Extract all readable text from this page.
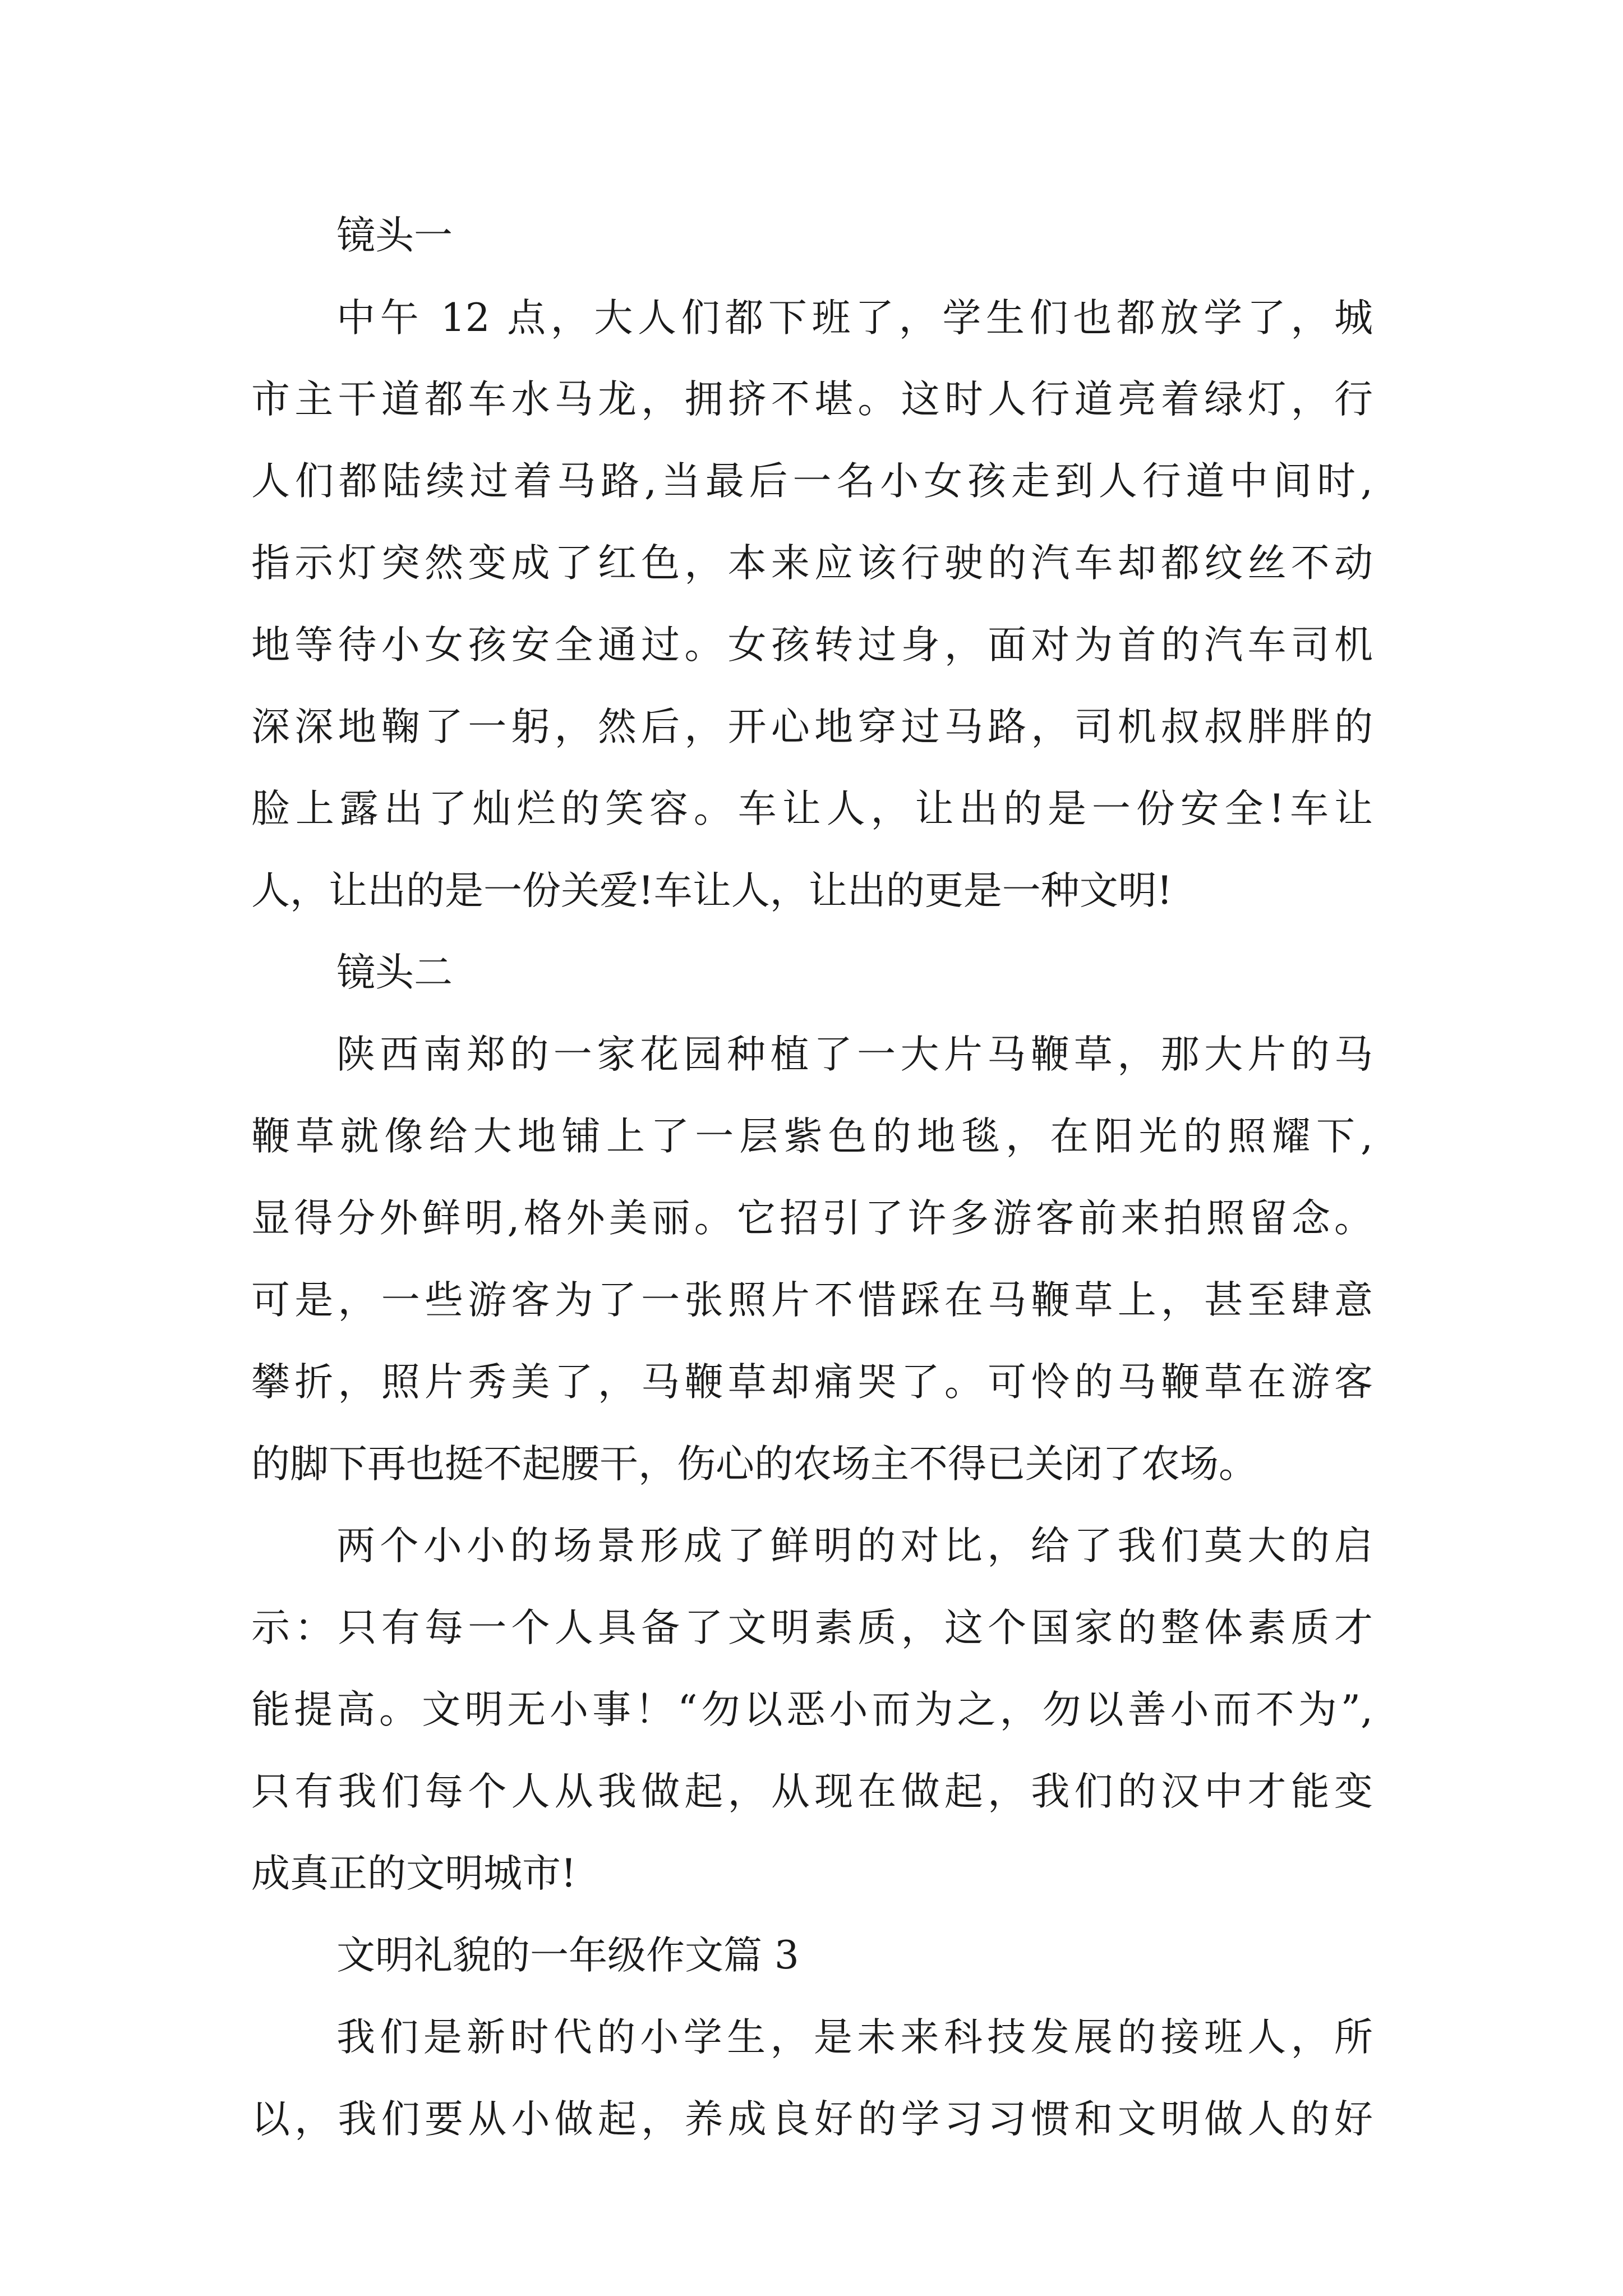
镜头一

中午 12 点，大人们都下班了，学生们也都放学了，城

市主干道都车水马龙，拥挤不堪。这时人行道亮着绿灯，行

人们都陆续过着马路,当最后一名小女孩走到人行道中间时,

指示灯突然变成了红色，本来应该行驶的汽车却都纹丝不动

地等待小女孩安全通过。女孩转过身，面对为首的汽车司机

深深地鞠了一躬，然后，开心地穿过马路，司机叔叔胖胖的

脸上露出了灿烂的笑容。车让人，让出的是一份安全!车让

人，让出的是一份关爱!车让人，让出的更是一种文明!

镜头二

陕西南郑的一家花园种植了一大片马鞭草，那大片的马

鞭草就像给大地铺上了一层紫色的地毯，在阳光的照耀下,

显得分外鲜明,格外美丽。它招引了许多游客前来拍照留念。

可是，一些游客为了一张照片不惜踩在马鞭草上，甚至肆意

攀折，照片秀美了，马鞭草却痛哭了。可怜的马鞭草在游客

的脚下再也挺不起腰干，伤心的农场主不得已关闭了农场。

两个小小的场景形成了鲜明的对比，给了我们莫大的启

示：只有每一个人具备了文明素质，这个国家的整体素质才

能提高。文明无小事！“勿以恶小而为之，勿以善小而不为”,

只有我们每个人从我做起，从现在做起，我们的汉中才能变

成真正的文明城市!

文明礼貌的一年级作文篇 3

我们是新时代的小学生，是未来科技发展的接班人，所

以，我们要从小做起，养成良好的学习习惯和文明做人的好
